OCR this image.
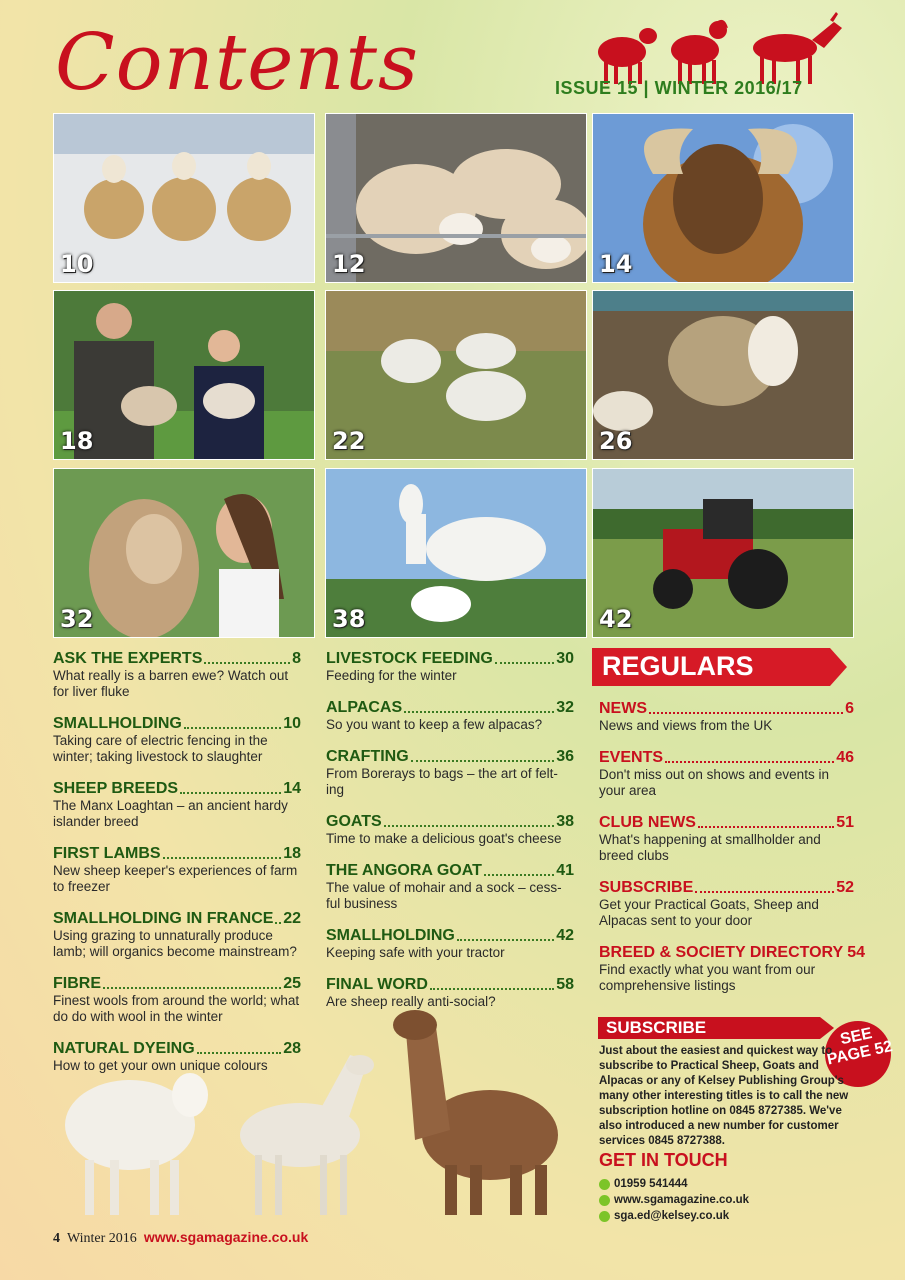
Contents	ISSUE 15 | WINTER 2016/17
10	12	14
18	22	26
32	38	42
ASK THE EXPERTS	8
What really is a barren ewe? Watch out for liver fluke
SMALLHOLDING	10
Taking care of electric fencing in the winter; taking livestock to slaughter
SHEEP BREEDS	14
The Manx Loaghtan – an ancient hardy islander breed
FIRST LAMBS	18
New sheep keeper's experiences of farm to freezer
SMALLHOLDING IN FRANCE 22
Using grazing to unnaturally produce lamb; will organics become mainstream?
FIBRE	25
Finest wools from around the world; what do do with wool in the winter
NATURAL DYEING	28
How to get your own unique colours
LIVESTOCK FEEDING	30
Feeding for the winter
ALPACAS	32
So you want to keep a few alpacas?
CRAFTING	36
From Borerays to bags – the art of felt-ing
GOATS	38
Time to make a delicious goat's cheese
THE ANGORA GOAT	41
The value of mohair and a sock – cess-ful business
SMALLHOLDING	42
Keeping safe with your tractor
FINAL WORD	58
Are sheep really anti-social?
REGULARS
NEWS	6
News and views from the UK
EVENTS	46
Don't miss out on shows and events in your area
CLUB NEWS	51
What's happening at smallholder and breed clubs
SUBSCRIBE	52
Get your Practical Goats, Sheep and Alpacas sent to your door
BREED & SOCIETY DIRECTORY 54
Find exactly what you want from our comprehensive listings
SUBSCRIBE	SEE PAGE 52
Just about the easiest and quickest way to subscribe to Practical Sheep, Goats and Alpacas or any of Kelsey Publishing Group's many other interesting titles is to call the new subscription hotline on 0845 8727385. We've also introduced a new number for customer services 0845 8727388.
GET IN TOUCH
01959 541444
www.sgamagazine.co.uk
sga.ed@kelsey.co.uk
4 Winter 2016 www.sgamagazine.co.uk
